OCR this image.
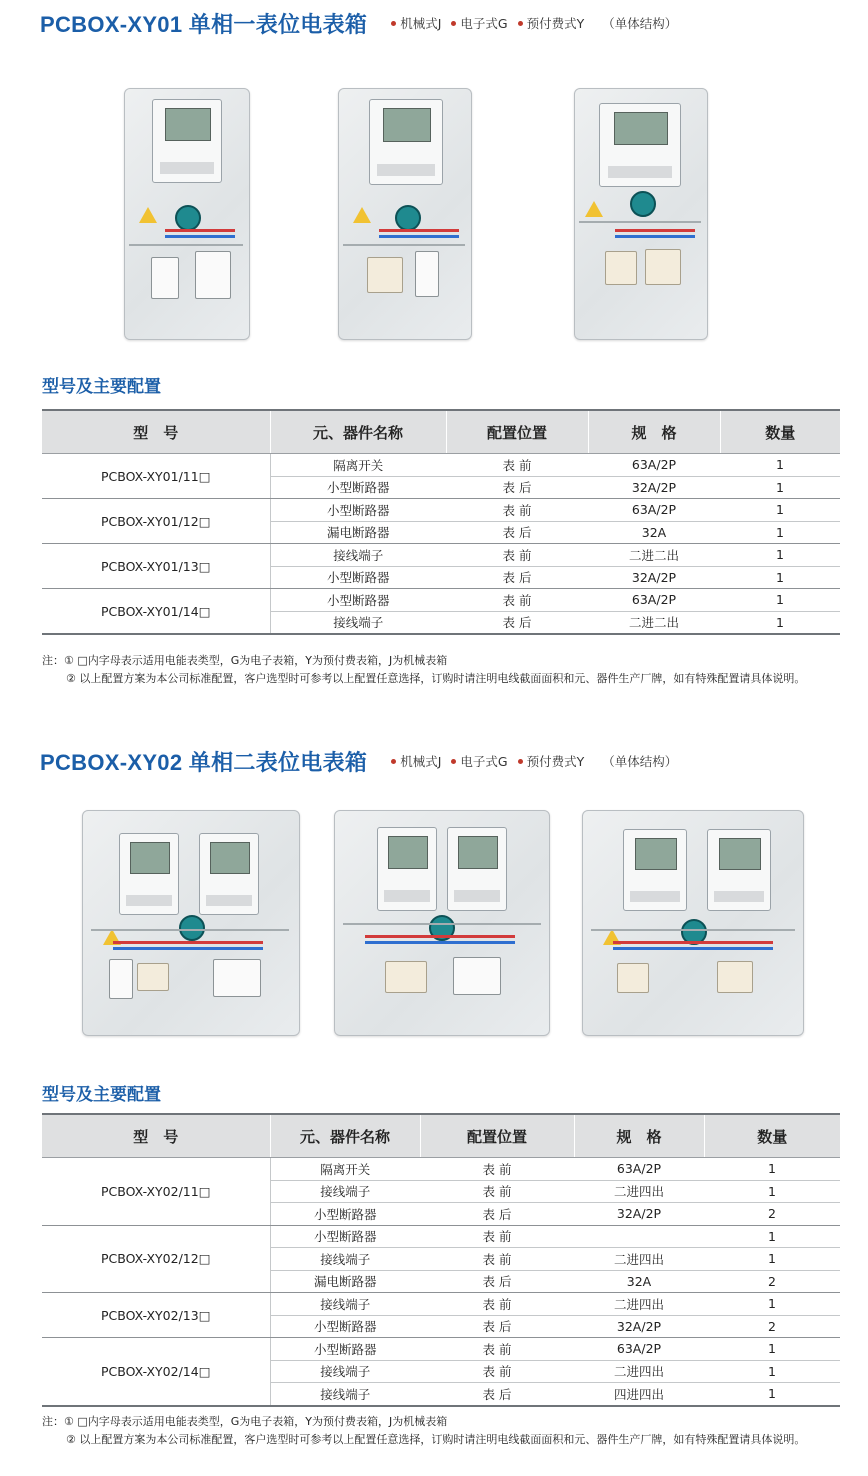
PCBOX-XY01 单相一表位电表箱	机械式J 电子式G 预付费式Y （单体结构）
型号及主要配置
型　号	元、器件名称	配置位置	规　格	数量
PCBOX-XY01/11□	隔离开关	表 前	63A/2P	1
	小型断路器	表 后	32A/2P	1
PCBOX-XY01/12□	小型断路器	表 前	63A/2P	1
	漏电断路器	表 后	32A	1
PCBOX-XY01/13□	接线端子	表 前	二进二出	1
	小型断路器	表 后	32A/2P	1
PCBOX-XY01/14□	小型断路器	表 前	63A/2P	1
	接线端子	表 后	二进二出	1
注：① □内字母表示适用电能表类型，G为电子表箱，Y为预付费表箱，J为机械表箱
② 以上配置方案为本公司标准配置，客户选型时可参考以上配置任意选择，订购时请注明电线截面面积和元、器件生产厂牌，如有特殊配置请具体说明。
PCBOX-XY02 单相二表位电表箱	机械式J 电子式G 预付费式Y （单体结构）
型号及主要配置
型　号	元、器件名称	配置位置	规　格	数量
PCBOX-XY02/11□	隔离开关	表 前	63A/2P	1
	接线端子	表 前	二进四出	1
	小型断路器	表 后	32A/2P	2
PCBOX-XY02/12□	小型断路器	表 前		1
	接线端子	表 前	二进四出	1
	漏电断路器	表 后	32A	2
PCBOX-XY02/13□	接线端子	表 前	二进四出	1
	小型断路器	表 后	32A/2P	2
PCBOX-XY02/14□	小型断路器	表 前	63A/2P	1
	接线端子	表 前	二进四出	1
	接线端子	表 后	四进四出	1
注：① □内字母表示适用电能表类型，G为电子表箱，Y为预付费表箱，J为机械表箱
② 以上配置方案为本公司标准配置，客户选型时可参考以上配置任意选择，订购时请注明电线截面面积和元、器件生产厂牌，如有特殊配置请具体说明。
